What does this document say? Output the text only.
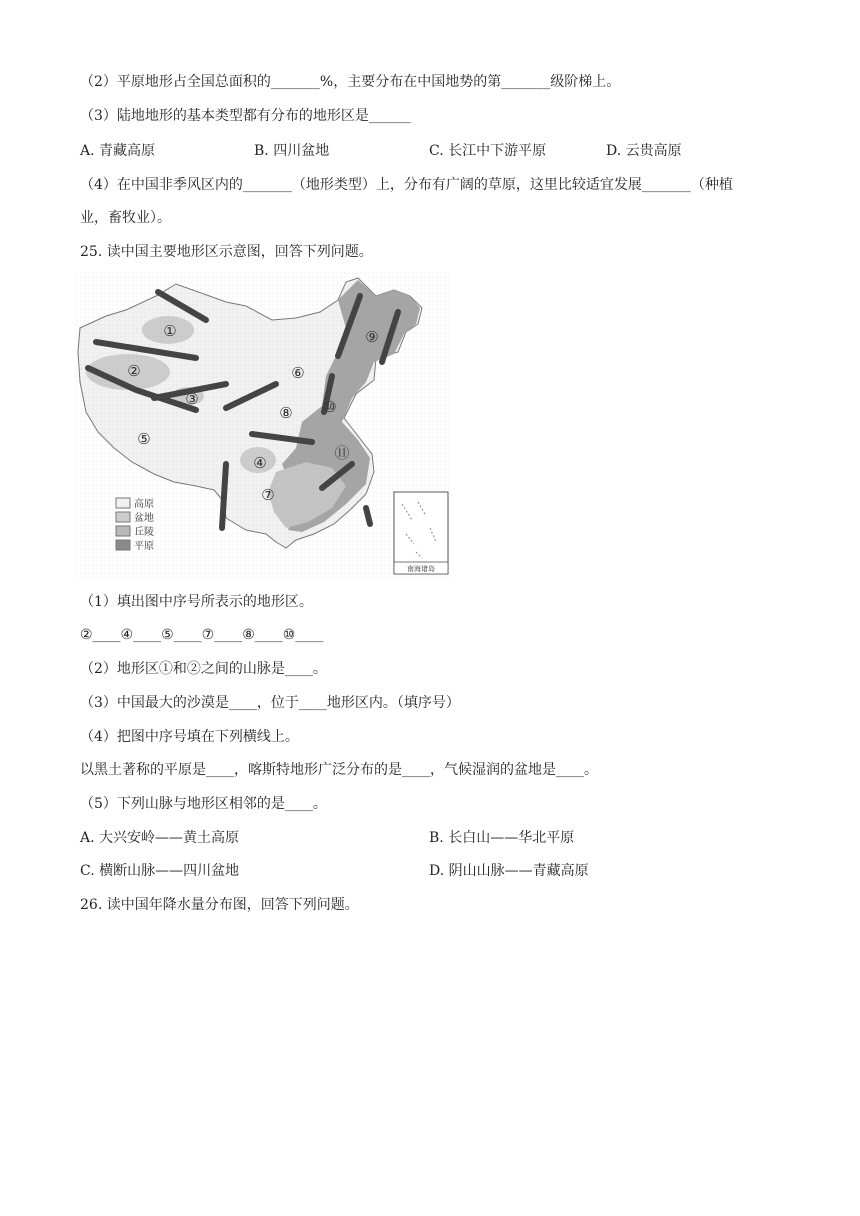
（2）平原地形占全国总面积的_______%，主要分布在中国地势的第_______级阶梯上。
（3）陆地地形的基本类型都有分布的地形区是______
A. 青藏高原	B. 四川盆地	C. 长江中下游平原	D. 云贵高原
（4）在中国非季风区内的_______（地形类型）上，分布有广阔的草原，这里比较适宜发展_______（种植
业，畜牧业）。
25. 读中国主要地形区示意图，回答下列问题。
①
②
③
④
⑤
⑥
⑦
⑧
⑨
⑩
⑪
高原
盆地
丘陵
平原
南海诸岛
（1）填出图中序号所表示的地形区。
②____④____⑤____⑦____⑧____⑩____
（2）地形区①和②之间的山脉是____。
（3）中国最大的沙漠是____，位于____地形区内。（填序号）
（4）把图中序号填在下列横线上。
以黑土著称的平原是____，喀斯特地形广泛分布的是____，气候湿润的盆地是____。
（5）下列山脉与地形区相邻的是____。
A. 大兴安岭——黄土高原	B. 长白山——华北平原
C. 横断山脉——四川盆地	D. 阴山山脉——青藏高原
26. 读中国年降水量分布图，回答下列问题。
